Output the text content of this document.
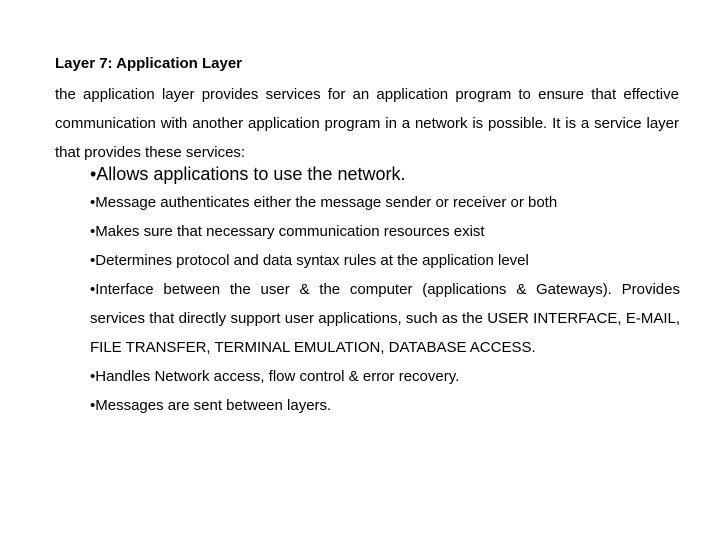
Layer 7: Application Layer
the application layer provides services for an application program to ensure that effective communication with another application program in a network is possible. It is a service layer that provides these services:
•Allows applications to use the network.
•Message authenticates either the message sender or receiver or both
•Makes sure that necessary communication resources exist
•Determines protocol and data syntax rules at the application level
•Interface between the user & the computer (applications & Gateways). Provides services that directly support user applications, such as the USER INTERFACE, E-MAIL, FILE TRANSFER, TERMINAL EMULATION, DATABASE ACCESS.
•Handles Network access, flow control & error recovery.
•Messages are sent between layers.
